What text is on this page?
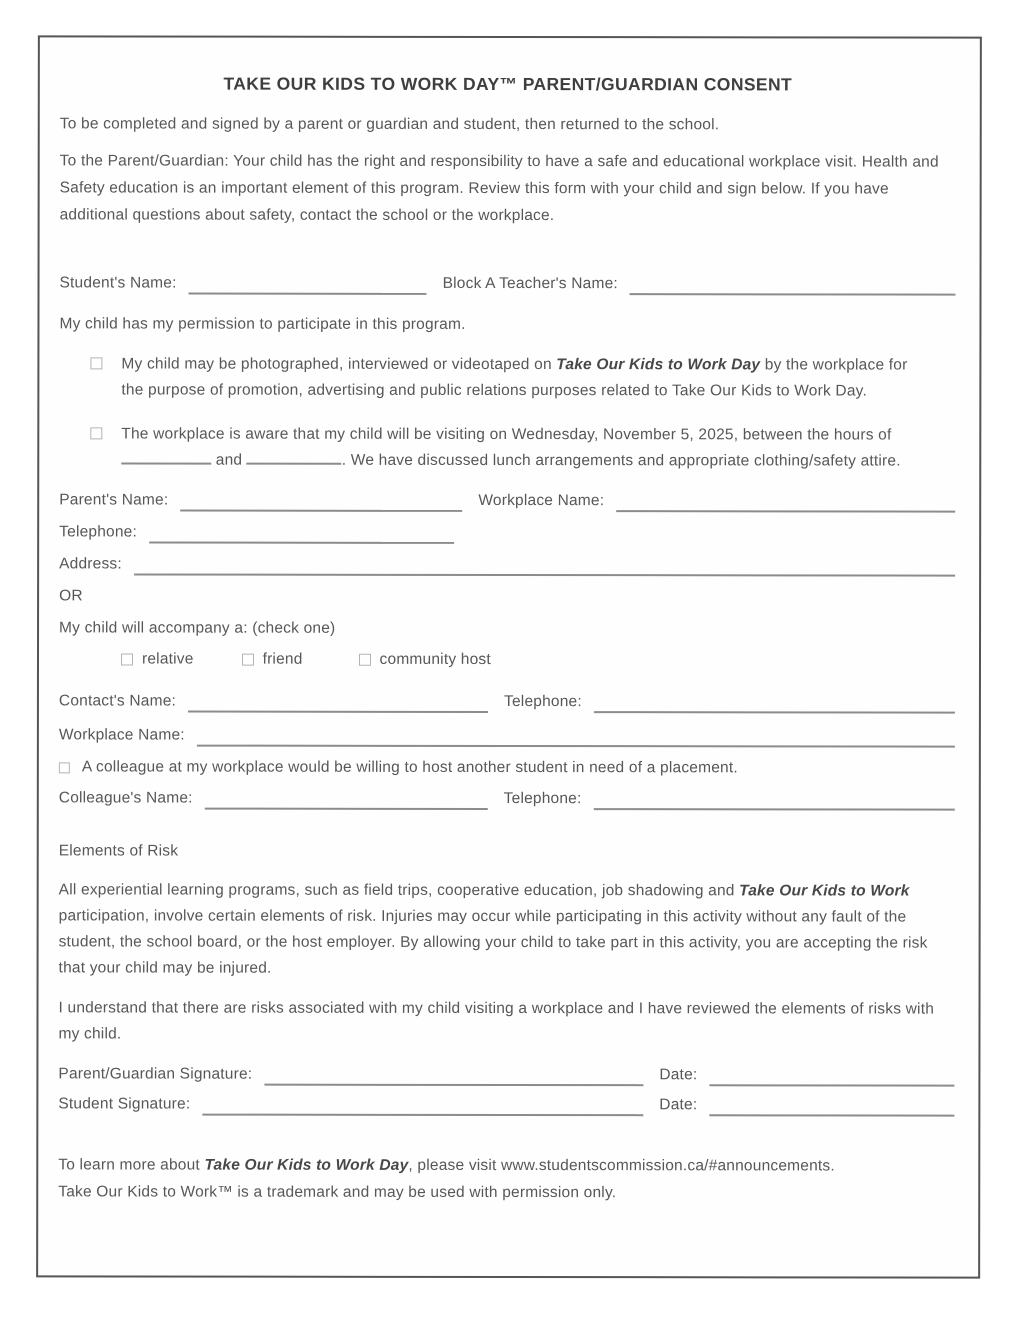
TAKE OUR KIDS TO WORK DAY™ PARENT/GUARDIAN CONSENT

To be completed and signed by a parent or guardian and student, then returned to the school.

To the Parent/Guardian: Your child has the right and responsibility to have a safe and educational workplace visit. Health and Safety education is an important element of this program. Review this form with your child and sign below. If you have additional questions about safety, contact the school or the workplace.

Student's Name:	Block A Teacher's Name:

My child has my permission to participate in this program.

My child may be photographed, interviewed or videotaped on Take Our Kids to Work Day by the workplace for the purpose of promotion, advertising and public relations purposes related to Take Our Kids to Work Day.
The workplace is aware that my child will be visiting on Wednesday, November 5, 2025, between the hours of  and	. We have discussed lunch arrangements and appropriate clothing/safety attire.
Parent's Name:	Workplace Name:
Telephone:
Address:

OR

My child will accompany a: (check one)

relative	friend	community host
Contact's Name:	Telephone:
Workplace Name:
A colleague at my workplace would be willing to host another student in need of a placement.
Colleague's Name:	Telephone:

Elements of Risk

All experiential learning programs, such as field trips, cooperative education, job shadowing and Take Our Kids to Work participation, involve certain elements of risk. Injuries may occur while participating in this activity without any fault of the student, the school board, or the host employer. By allowing your child to take part in this activity, you are accepting the risk that your child may be injured.

I understand that there are risks associated with my child visiting a workplace and I have reviewed the elements of risks with my child.

Parent/Guardian Signature:	Date:
Student Signature:	Date:

To learn more about Take Our Kids to Work Day, please visit www.studentscommission.ca/#announcements.
Take Our Kids to Work™ is a trademark and may be used with permission only.
